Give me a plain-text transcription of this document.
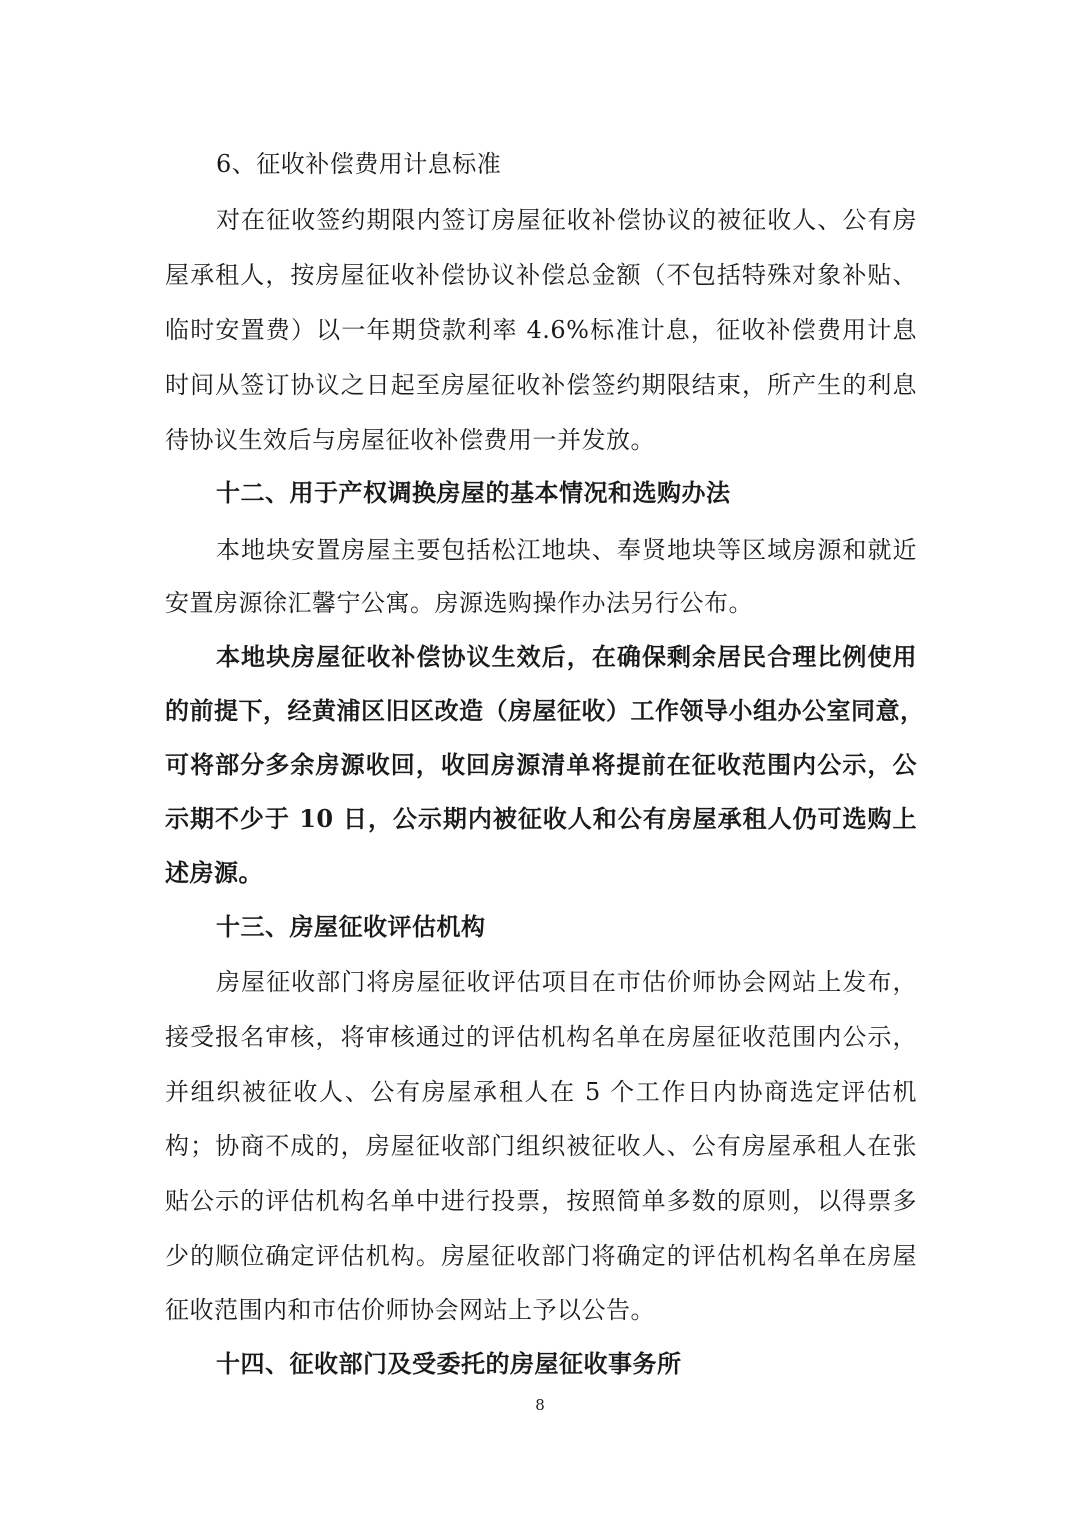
6、征收补偿费用计息标准
对在征收签约期限内签订房屋征收补偿协议的被征收人、公有房
屋承租人，按房屋征收补偿协议补偿总金额（不包括特殊对象补贴、
临时安置费）以一年期贷款利率 4.6%标准计息，征收补偿费用计息
时间从签订协议之日起至房屋征收补偿签约期限结束，所产生的利息
待协议生效后与房屋征收补偿费用一并发放。
十二、用于产权调换房屋的基本情况和选购办法
本地块安置房屋主要包括松江地块、奉贤地块等区域房源和就近
安置房源徐汇馨宁公寓。房源选购操作办法另行公布。
本地块房屋征收补偿协议生效后，在确保剩余居民合理比例使用
的前提下，经黄浦区旧区改造（房屋征收）工作领导小组办公室同意，
可将部分多余房源收回，收回房源清单将提前在征收范围内公示，公
示期不少于 10 日，公示期内被征收人和公有房屋承租人仍可选购上
述房源。
十三、房屋征收评估机构
房屋征收部门将房屋征收评估项目在市估价师协会网站上发布，
接受报名审核，将审核通过的评估机构名单在房屋征收范围内公示，
并组织被征收人、公有房屋承租人在 5 个工作日内协商选定评估机
构；协商不成的，房屋征收部门组织被征收人、公有房屋承租人在张
贴公示的评估机构名单中进行投票，按照简单多数的原则，以得票多
少的顺位确定评估机构。房屋征收部门将确定的评估机构名单在房屋
征收范围内和市估价师协会网站上予以公告。
十四、征收部门及受委托的房屋征收事务所
8
